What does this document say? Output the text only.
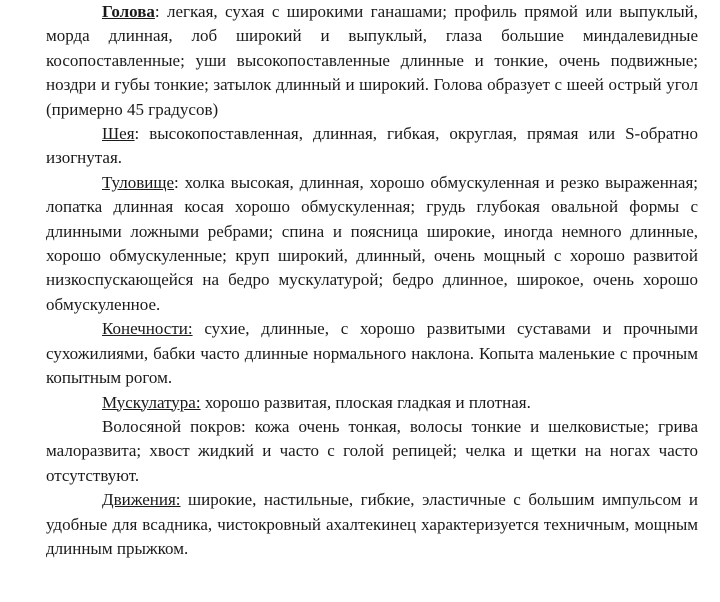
Голова: легкая, сухая с широкими ганашами; профиль прямой или выпуклый, морда длинная, лоб широкий и выпуклый, глаза большие миндалевидные косопоставленные; уши высокопоставленные длинные и тонкие, очень подвижные; ноздри и губы тонкие; затылок длинный и широкий. Голова образует с шеей острый угол (примерно 45 градусов)

Шея: высокопоставленная, длинная, гибкая, округлая, прямая или S-обратно изогнутая.

Туловище: холка высокая, длинная, хорошо обмускуленная и резко выраженная; лопатка длинная косая хорошо обмускуленная; грудь глубокая овальной формы с длинными ложными ребрами; спина и поясница широкие, иногда немного длинные, хорошо обмускуленные; круп широкий, длинный, очень мощный с хорошо развитой низкоспускающейся на бедро мускулатурой; бедро длинное, широкое, очень хорошо обмускуленное.

Конечности: сухие, длинные, с хорошо развитыми суставами и прочными сухожилиями, бабки часто длинные нормального наклона. Копыта маленькие с прочным копытным рогом.

Мускулатура: хорошо развитая, плоская гладкая и плотная.

Волосяной покров: кожа очень тонкая, волосы тонкие и шелковистые; грива малоразвита; хвост жидкий и часто с голой репицей; челка и щетки на ногах часто отсутствуют.

Движения: широкие, настильные, гибкие, эластичные с большим импульсом и удобные для всадника, чистокровный ахалтекинец характеризуется техничным, мощным длинным прыжком.
